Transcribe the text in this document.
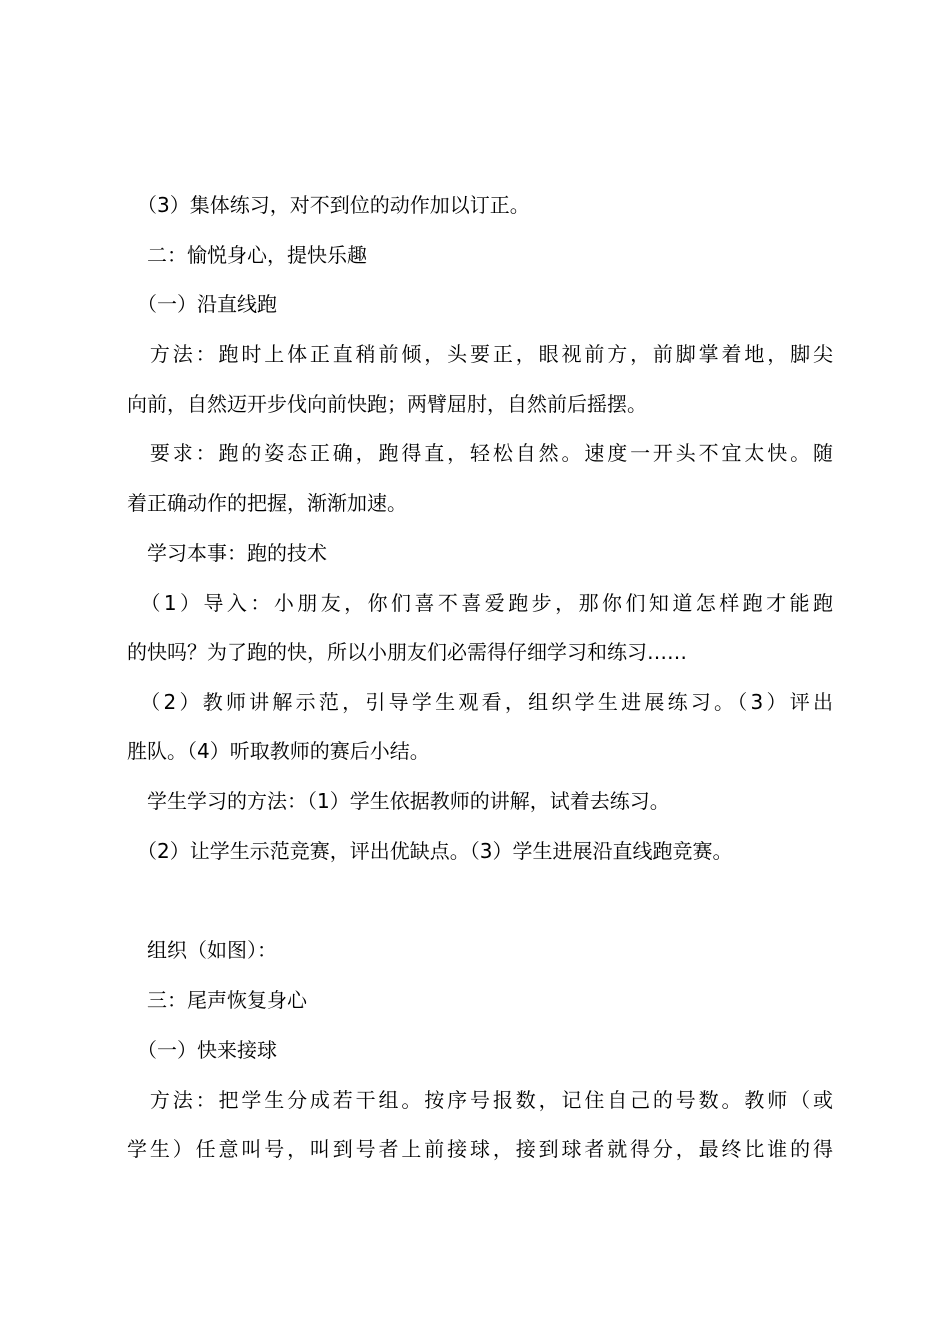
　（3）集体练习，对不到位的动作加以订正。
　二：愉悦身心，提快乐趣
　（一）沿直线跑
　方法：跑时上体正直稍前倾，头要正，眼视前方，前脚掌着地，脚尖
向前，自然迈开步伐向前快跑；两臂屈肘，自然前后摇摆。
　要求：跑的姿态正确，跑得直，轻松自然。速度一开头不宜太快。随
着正确动作的把握，渐渐加速。
　学习本事：跑的技术
　（1）导入：小朋友，你们喜不喜爱跑步，那你们知道怎样跑才能跑
的快吗？为了跑的快，所以小朋友们必需得仔细学习和练习……
　（2）教师讲解示范，引导学生观看，组织学生进展练习。（3）评出
胜队。（4）听取教师的赛后小结。
　学生学习的方法：（1）学生依据教师的讲解，试着去练习。
　（2）让学生示范竞赛，评出优缺点。（3）学生进展沿直线跑竞赛。
　组织（如图）：
　三：尾声恢复身心
　（一）快来接球
　方法：把学生分成若干组。按序号报数，记住自己的号数。教师（或
学生）任意叫号，叫到号者上前接球，接到球者就得分，最终比谁的得
